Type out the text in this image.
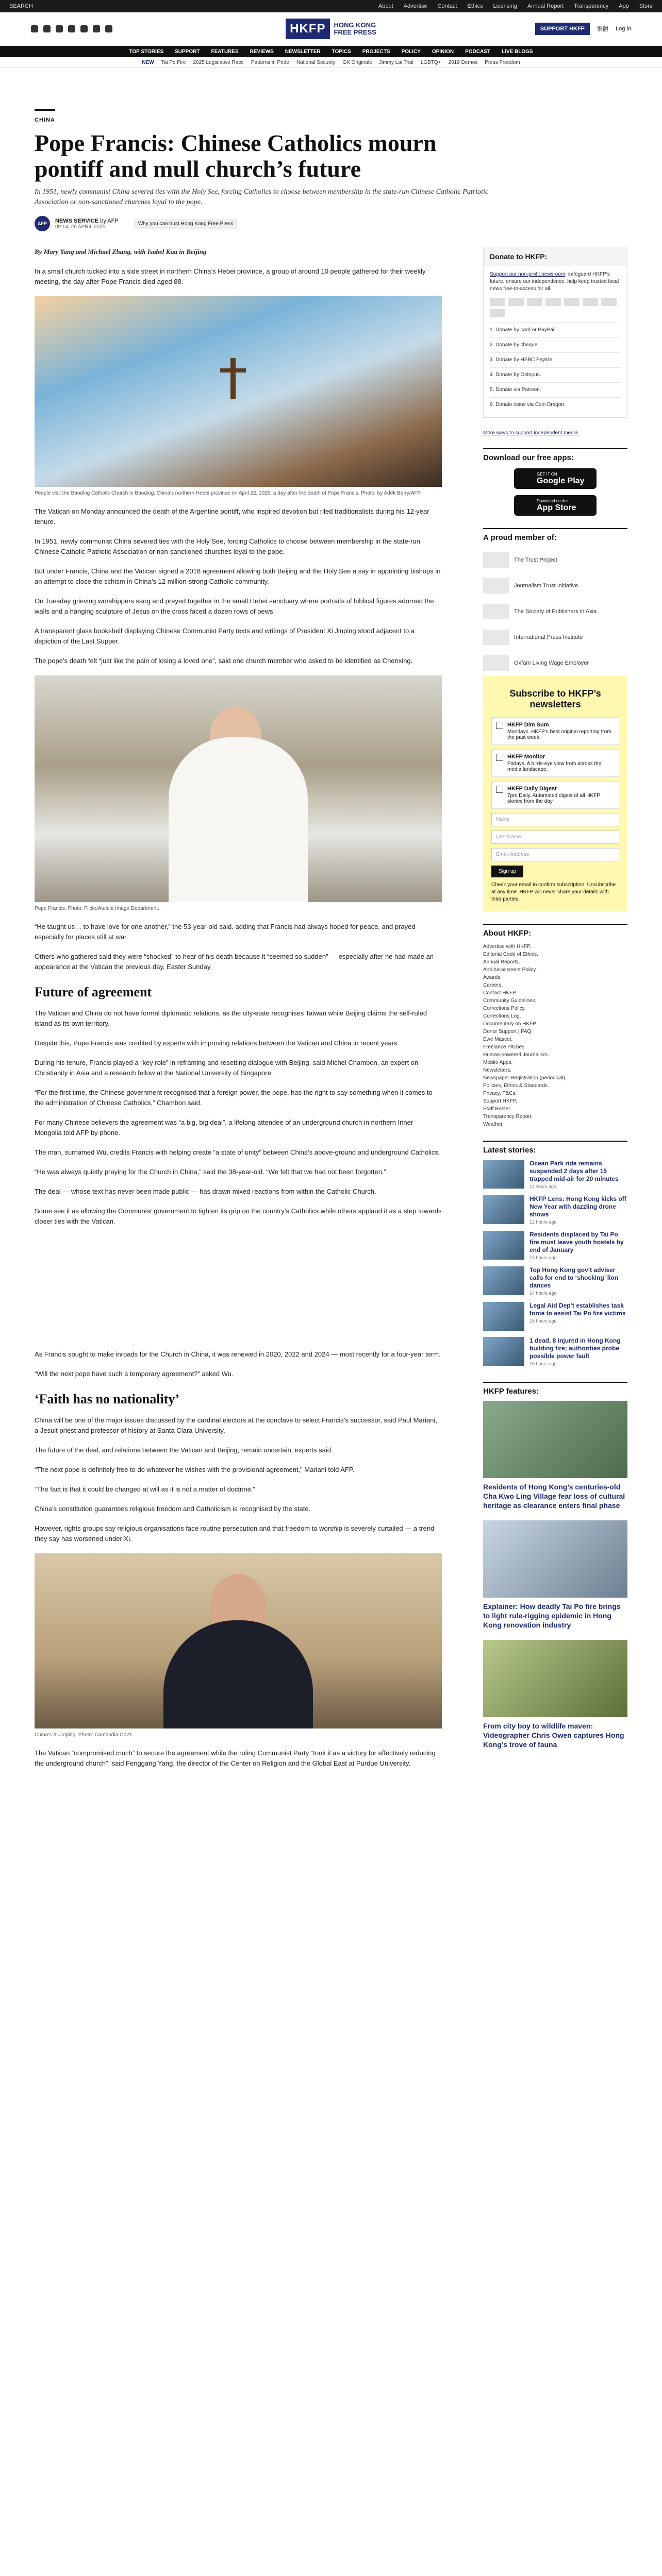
SEARCH	About Advertise Contact Ethics Licensing Annual Report Transparency App Store
HKFP	HONG KONG
FREE PRESS	SUPPORT HKFP	繁體 Log in
TOP STORIES SUPPORT FEATURES REVIEWS NEWSLETTER TOPICS PROJECTS POLICY OPINION PODCAST LIVE BLOGS
NEW Tai Po Fire 2025 Legislative Race Patterns in Pride National Security GK Originals Jimmy Lai Trial LGBTQ+ 2019 Demos Press Freedom
CHINA
Pope Francis: Chinese Catholics mourn pontiff and mull church’s future
In 1951, newly communist China severed ties with the Holy See, forcing Catholics to choose between membership in the state-run Chinese Catholic Patriotic Association or non-sanctioned churches loyal to the pope.
AFP	NEWS SERVICE by AFP
09:14, 26 APRIL 2025
Why you can trust Hong Kong Free Press

By Mary Yang and Michael Zhang, with Isabel Kua in Beijing

In a small church tucked into a side street in northern China’s Hebei province, a group of around 10 people gathered for their weekly meeting, the day after Pope Francis died aged 88.

People visit the Baoding Catholic Church in Baoding, China’s northern Hebei province on April 22, 2025, a day after the death of Pope Francis. Photo: by Adek Berry/AFP.

The Vatican on Monday announced the death of the Argentine pontiff, who inspired devotion but riled traditionalists during his 12-year tenure.

In 1951, newly communist China severed ties with the Holy See, forcing Catholics to choose between membership in the state-run Chinese Catholic Patriotic Association or non-sanctioned churches loyal to the pope.

But under Francis, China and the Vatican signed a 2018 agreement allowing both Beijing and the Holy See a say in appointing bishops in an attempt to close the schism in China’s 12 million-strong Catholic community.

On Tuesday grieving worshippers sang and prayed together in the small Hebei sanctuary where portraits of biblical figures adorned the walls and a hanging sculpture of Jesus on the cross faced a dozen rows of pews.

A transparent glass bookshelf displaying Chinese Communist Party texts and writings of President Xi Jinping stood adjacent to a depiction of the Last Supper.

The pope’s death felt “just like the pain of losing a loved one”, said one church member who asked to be identified as Chenxing.

Pope Francis. Photo: Flickr/Ateleia Image Department.

“He taught us… to have love for one another,” the 53-year-old said, adding that Francis had always hoped for peace, and prayed especially for places still at war.

Others who gathered said they were “shocked” to hear of his death because it “seemed so sudden” — especially after he had made an appearance at the Vatican the previous day, Easter Sunday.

Future of agreement

The Vatican and China do not have formal diplomatic relations, as the city-state recognises Taiwan while Beijing claims the self-ruled island as its own territory.

Despite this, Pope Francis was credited by experts with improving relations between the Vatican and China in recent years.

During his tenure, Francis played a “key role” in reframing and resetting dialogue with Beijing, said Michel Chambon, an expert on Christianity in Asia and a research fellow at the National University of Singapore.

“For the first time, the Chinese government recognised that a foreign power, the pope, has the right to say something when it comes to the administration of Chinese Catholics,” Chambon said.

For many Chinese believers the agreement was “a big, big deal”, a lifelong attendee of an underground church in northern Inner Mongolia told AFP by phone.

The man, surnamed Wu, credits Francis with helping create “a state of unity” between China’s above-ground and underground Catholics.

“He was always quietly praying for the Church in China,” said the 38-year-old. “We felt that we had not been forgotten.”

The deal — whose text has never been made public — has drawn mixed reactions from within the Catholic Church.

Some see it as allowing the Communist government to tighten its grip on the country’s Catholics while others applaud it as a step towards closer ties with the Vatican.

As Francis sought to make inroads for the Church in China, it was renewed in 2020, 2022 and 2024 — most recently for a four-year term.

“Will the next pope have such a temporary agreement?” asked Wu.

‘Faith has no nationality’

China will be one of the major issues discussed by the cardinal electors at the conclave to select Francis’s successor, said Paul Mariani, a Jesuit priest and professor of history at Santa Clara University.

The future of the deal, and relations between the Vatican and Beijing, remain uncertain, experts said.

“The next pope is definitely free to do whatever he wishes with the provisional agreement,” Mariani told AFP.

“The fact is that it could be changed at will as it is not a matter of doctrine.”

China’s constitution guarantees religious freedom and Catholicism is recognised by the state.

However, rights groups say religious organisations face routine persecution and that freedom to worship is severely curtailed — a trend they say has worsened under Xi.

China’s Xi Jinping. Photo: Cambodia Gov’t.

The Vatican “compromised much” to secure the agreement while the ruling Communist Party “took it as a victory for effectively reducing the underground church”, said Fenggang Yang, the director of the Center on Religion and the Global East at Purdue University.

Donate to HKFP:
Support our non-profit newsroom: safeguard HKFP’s future, ensure our independence, help keep trusted local news free-to-access for all.
1. Donate by card or PayPal.
2. Donate by cheque.
3. Donate by HSBC PayMe.
4. Donate by Octopus.
5. Donate via Patreon.
6. Donate coins via Coin Dragon.
More ways to support independent media.
Download our free apps:
GET IT ON
Google Play
Download on the
App Store
A proud member of:
The Trust Project
Journalism Trust Initiative
The Society of Publishers in Asia
International Press Institute
Oxfam Living Wage Employer
Subscribe to HKFP’s newsletters
HKFP Dim Sum
Mondays. HKFP’s best original reporting from the past week.
HKFP Monitor
Fridays. A birds-eye view from across the media landscape.
HKFP Daily Digest
7pm Daily. Automated digest of all HKFP stories from the day.
Name
Last Name
Email Address
Sign up
Check your email to confirm subscription. Unsubscribe at any time. HKFP will never share your details with third parties.
About HKFP:
Advertise with HKFP.
Editorial Code of Ethics.
Annual Reports.
Anti-harassment Policy.
Awards.
Careers.
Contact HKFP.
Community Guidelines.
Corrections Policy.
Corrections Log.
Documentary on HKFP.
Donor Support | FAQ.
Ewe Mascot.
Freelance Pitches.
Human-powered Journalism.
Mobile Apps.
Newsletters.
Newspaper Registration (periodical).
Policies, Ethics & Standards.
Privacy, T&Cs.
Support HKFP.
Staff Roster.
Transparency Report.
Weather.
Latest stories:
Ocean Park ride remains suspended 2 days after 15 trapped mid-air for 20 minutes
11 hours ago
HKFP Lens: Hong Kong kicks off New Year with dazzling drone shows
12 hours ago
Residents displaced by Tai Po fire must leave youth hostels by end of January
13 hours ago
Top Hong Kong gov’t adviser calls for end to ‘shocking’ lion dances
14 hours ago
Legal Aid Dep’t establishes task force to assist Tai Po fire victims
15 hours ago
1 dead, 8 injured in Hong Kong building fire; authorities probe possible power fault
16 hours ago
HKFP features:
Residents of Hong Kong’s centuries-old Cha Kwo Ling Village fear loss of cultural heritage as clearance enters final phase
Explainer: How deadly Tai Po fire brings to light rule-rigging epidemic in Hong Kong renovation industry
From city boy to wildlife maven: Videographer Chris Owen captures Hong Kong’s trove of fauna
